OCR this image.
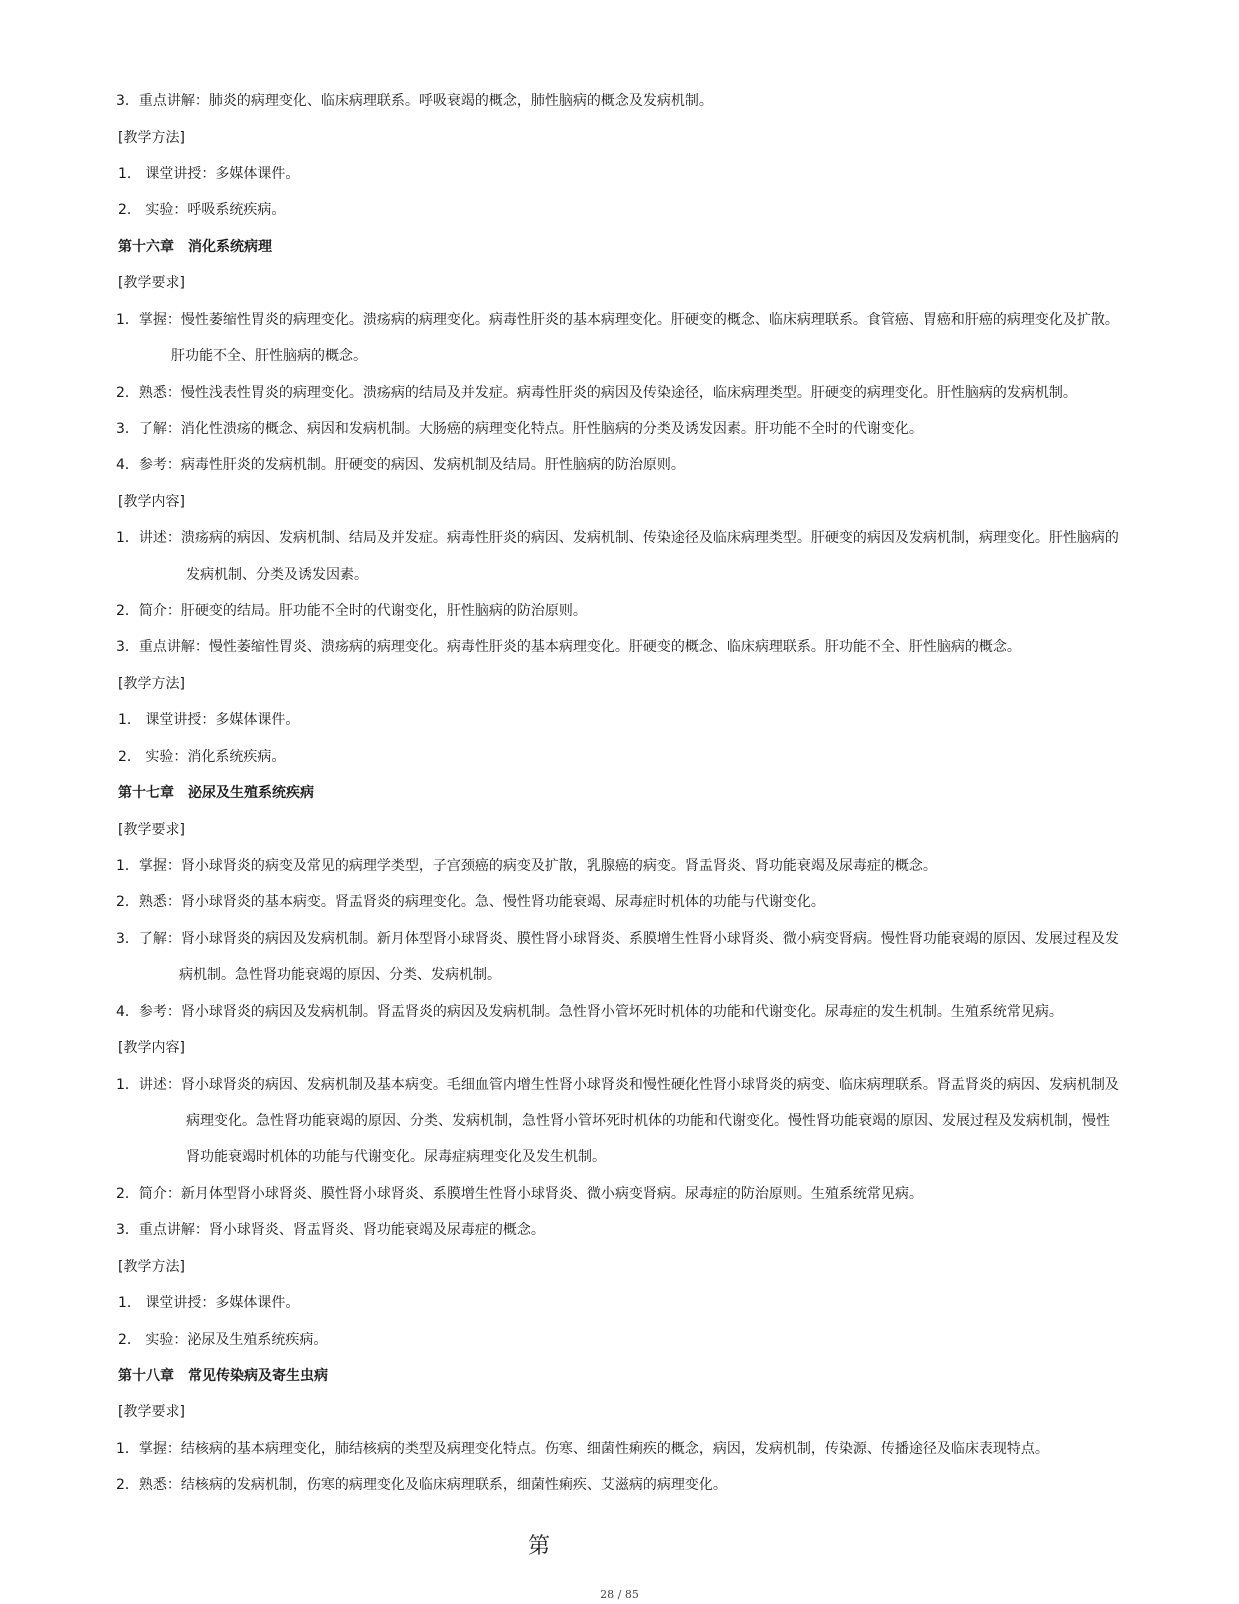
3．重点讲解：肺炎的病理变化、临床病理联系。呼吸衰竭的概念，肺性脑病的概念及发病机制。
[教学方法]
1． 课堂讲授：多媒体课件。
2． 实验：呼吸系统疾病。
第十六章　消化系统病理
[教学要求]
1．掌握：慢性萎缩性胃炎的病理变化。溃疡病的病理变化。病毒性肝炎的基本病理变化。肝硬变的概念、临床病理联系。食管癌、胃癌和肝癌的病理变化及扩散。
肝功能不全、肝性脑病的概念。
2．熟悉：慢性浅表性胃炎的病理变化。溃疡病的结局及并发症。病毒性肝炎的病因及传染途径，临床病理类型。肝硬变的病理变化。肝性脑病的发病机制。
3．了解：消化性溃疡的概念、病因和发病机制。大肠癌的病理变化特点。肝性脑病的分类及诱发因素。肝功能不全时的代谢变化。
4．参考：病毒性肝炎的发病机制。肝硬变的病因、发病机制及结局。肝性脑病的防治原则。
[教学内容]
1．讲述：溃疡病的病因、发病机制、结局及并发症。病毒性肝炎的病因、发病机制、传染途径及临床病理类型。肝硬变的病因及发病机制，病理变化。肝性脑病的
发病机制、分类及诱发因素。
2．简介：肝硬变的结局。肝功能不全时的代谢变化，肝性脑病的防治原则。
3．重点讲解：慢性萎缩性胃炎、溃疡病的病理变化。病毒性肝炎的基本病理变化。肝硬变的概念、临床病理联系。肝功能不全、肝性脑病的概念。
[教学方法]
1． 课堂讲授：多媒体课件。
2． 实验：消化系统疾病。
第十七章　泌尿及生殖系统疾病
[教学要求]
1．掌握：肾小球肾炎的病变及常见的病理学类型，子宫颈癌的病变及扩散，乳腺癌的病变。肾盂肾炎、肾功能衰竭及尿毒症的概念。
2．熟悉：肾小球肾炎的基本病变。肾盂肾炎的病理变化。急、慢性肾功能衰竭、尿毒症时机体的功能与代谢变化。
3．了解：肾小球肾炎的病因及发病机制。新月体型肾小球肾炎、膜性肾小球肾炎、系膜增生性肾小球肾炎、微小病变肾病。慢性肾功能衰竭的原因、发展过程及发
病机制。急性肾功能衰竭的原因、分类、发病机制。
4．参考：肾小球肾炎的病因及发病机制。肾盂肾炎的病因及发病机制。急性肾小管坏死时机体的功能和代谢变化。尿毒症的发生机制。生殖系统常见病。
[教学内容]
1．讲述：肾小球肾炎的病因、发病机制及基本病变。毛细血管内增生性肾小球肾炎和慢性硬化性肾小球肾炎的病变、临床病理联系。肾盂肾炎的病因、发病机制及
病理变化。急性肾功能衰竭的原因、分类、发病机制，急性肾小管坏死时机体的功能和代谢变化。慢性肾功能衰竭的原因、发展过程及发病机制，慢性
肾功能衰竭时机体的功能与代谢变化。尿毒症病理变化及发生机制。
2．简介：新月体型肾小球肾炎、膜性肾小球肾炎、系膜增生性肾小球肾炎、微小病变肾病。尿毒症的防治原则。生殖系统常见病。
3．重点讲解：肾小球肾炎、肾盂肾炎、肾功能衰竭及尿毒症的概念。
[教学方法]
1． 课堂讲授：多媒体课件。
2． 实验：泌尿及生殖系统疾病。
第十八章　常见传染病及寄生虫病
[教学要求]
1．掌握：结核病的基本病理变化，肺结核病的类型及病理变化特点。伤寒、细菌性痢疾的概念，病因，发病机制，传染源、传播途径及临床表现特点。
2．熟悉：结核病的发病机制，伤寒的病理变化及临床病理联系，细菌性痢疾、艾滋病的病理变化。
第
28 / 85
